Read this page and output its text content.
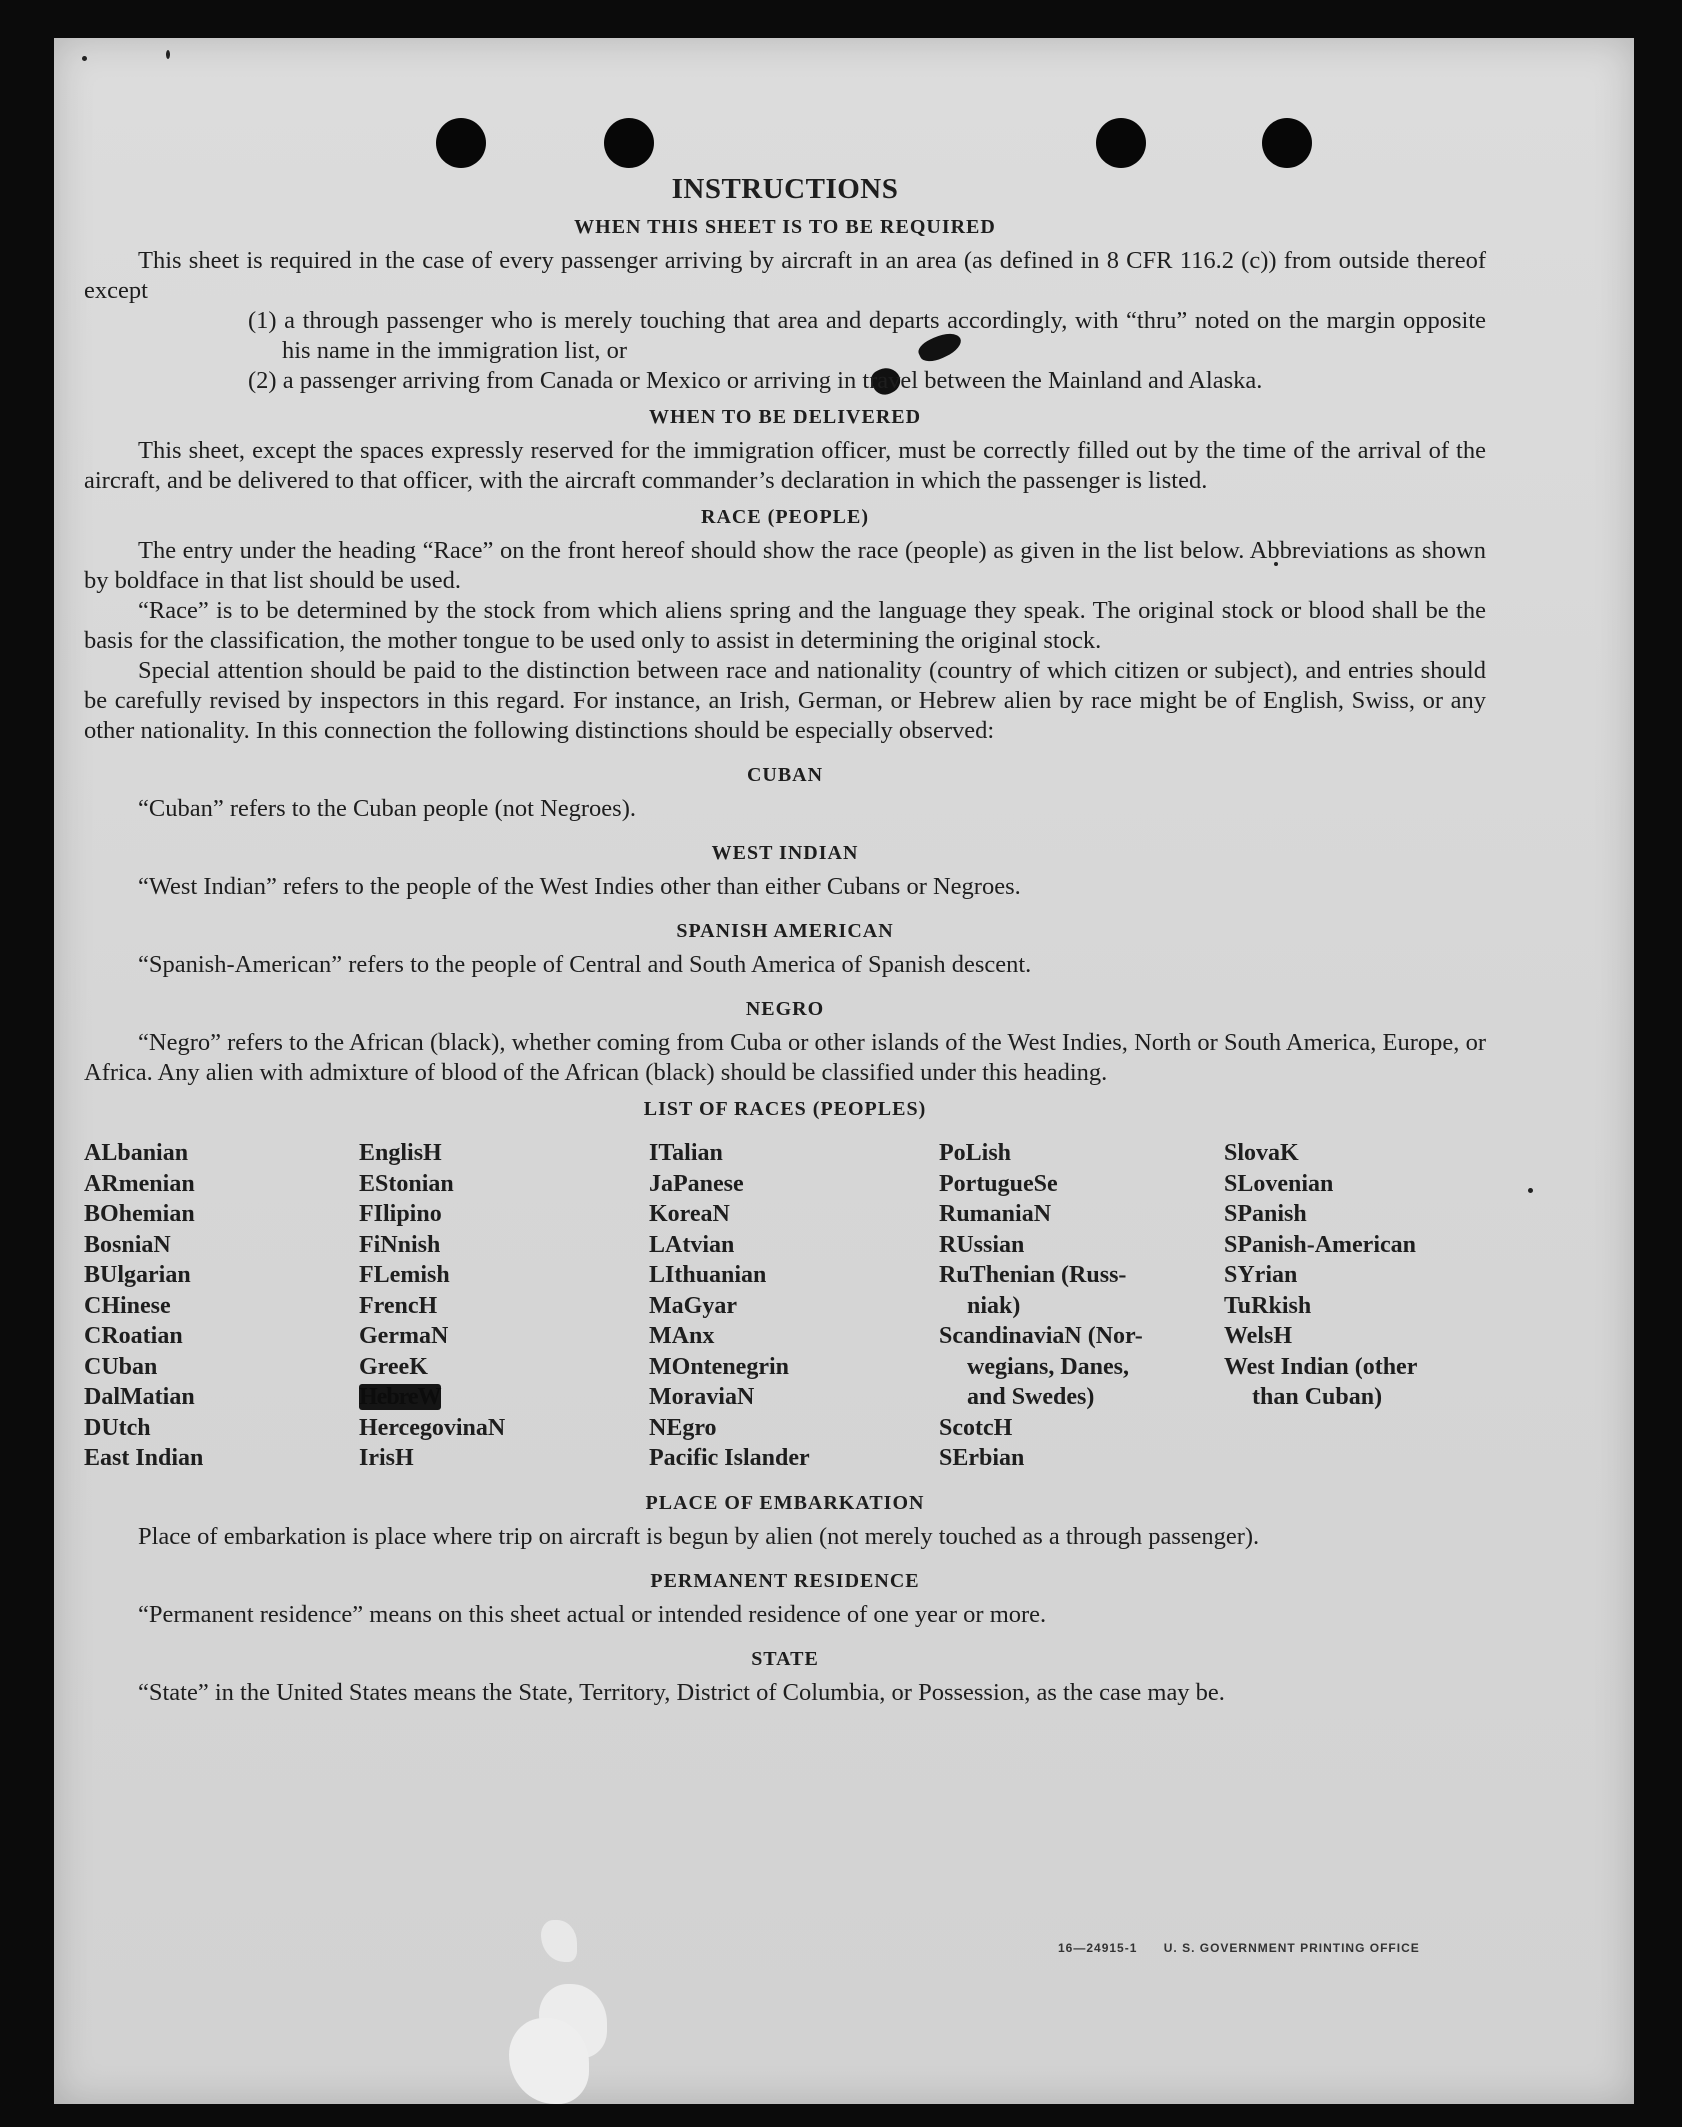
INSTRUCTIONS
WHEN THIS SHEET IS TO BE REQUIRED

This sheet is required in the case of every passenger arriving by aircraft in an area (as defined in 8 CFR 116.2 (c)) from outside thereof except

(1) a through passenger who is merely touching that area and departs accordingly, with “thru” noted on the margin opposite his name in the immigration list, or

(2) a passenger arriving from Canada or Mexico or arriving in travel between the Mainland and Alaska.

WHEN TO BE DELIVERED

This sheet, except the spaces expressly reserved for the immigration officer, must be correctly filled out by the time of the arrival of the aircraft, and be delivered to that officer, with the aircraft commander’s declaration in which the passenger is listed.

RACE (PEOPLE)

The entry under the heading “Race” on the front hereof should show the race (people) as given in the list below. Abbreviations as shown by boldface in that list should be used.

“Race” is to be determined by the stock from which aliens spring and the language they speak. The original stock or blood shall be the basis for the classification, the mother tongue to be used only to assist in determining the original stock.

Special attention should be paid to the distinction between race and nationality (country of which citizen or subject), and entries should be carefully revised by inspectors in this regard. For instance, an Irish, German, or Hebrew alien by race might be of English, Swiss, or any other nationality. In this connection the following distinctions should be especially observed:

CUBAN

“Cuban” refers to the Cuban people (not Negroes).

WEST INDIAN

“West Indian” refers to the people of the West Indies other than either Cubans or Negroes.

SPANISH AMERICAN

“Spanish-American” refers to the people of Central and South America of Spanish descent.

NEGRO

“Negro” refers to the African (black), whether coming from Cuba or other islands of the West Indies, North or South America, Europe, or Africa. Any alien with admixture of blood of the African (black) should be classified under this heading.

LIST OF RACES (PEOPLES)
ALbanian
ARmenian
BOhemian
BosniaN
BUlgarian
CHinese
CRoatian
CUban
DalMatian
DUtch
East Indian
EnglisH
EStonian
FIlipino
FiNnish
FLemish
FrencH
GermaN
GreeK
HebreW
HercegovinaN
IrisH
ITalian
JaPanese
KoreaN
LAtvian
LIthuanian
MaGyar
MAnx
MOntenegrin
MoraviaN
NEgro
Pacific Islander
PoLish
PortugueSe
RumaniaN
RUssian
RuThenian (Russ-
niak)
ScandinaviaN (Nor-
wegians, Danes,
and Swedes)
ScotcH
SErbian
SlovaK
SLovenian
SPanish
SPanish-American
SYrian
TuRkish
WelsH
West Indian (other
than Cuban)
PLACE OF EMBARKATION

Place of embarkation is place where trip on aircraft is begun by alien (not merely touched as a through passenger).

PERMANENT RESIDENCE

“Permanent residence” means on this sheet actual or intended residence of one year or more.

STATE

“State” in the United States means the State, Territory, District of Columbia, or Possession, as the case may be.

16—24915-1 U. S. GOVERNMENT PRINTING OFFICE
